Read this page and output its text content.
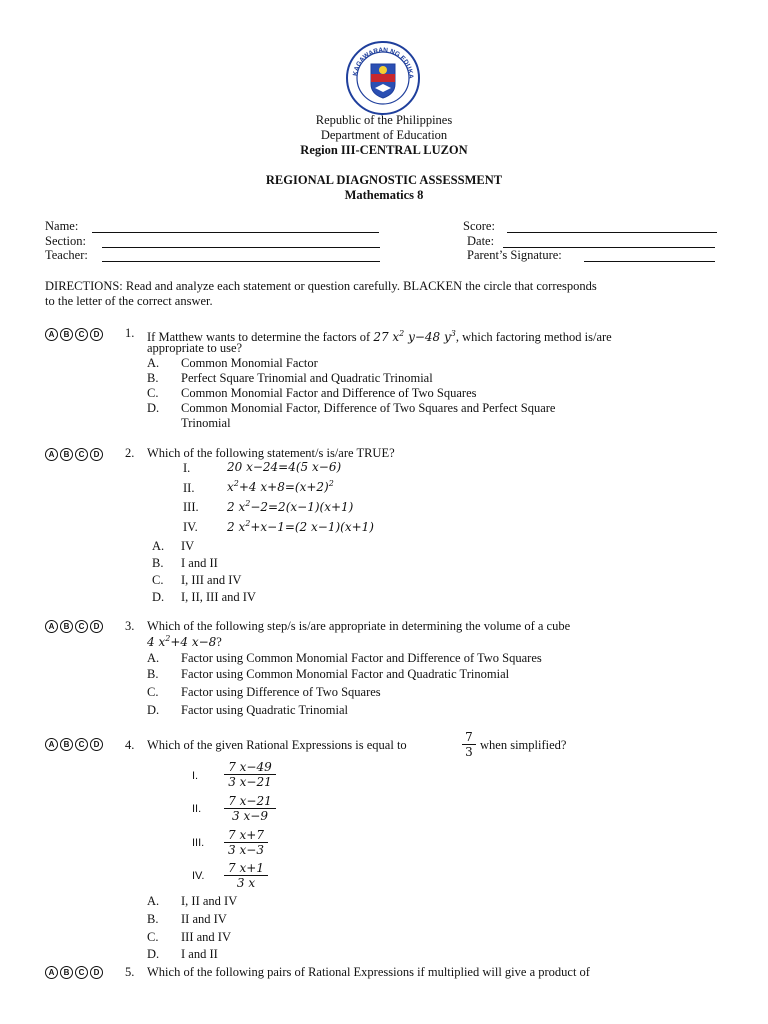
KAGAWARAN NG EDUKA
Republic of the Philippines
Department of Education
Region III-CENTRAL LUZON
REGIONAL DIAGNOSTIC ASSESSMENT
Mathematics 8
Name:
Section:
Teacher:
Score:
Date:
Parent’s Signature:
DIRECTIONS: Read and analyze each statement or question carefully. BLACKEN the circle that corresponds
to the letter of the correct answer.
A	B	C	D 1. If Matthew wants to determine the factors of 27 $x^2$ y−48 $y^3$, which factoring method is/are
appropriate to use?
A. Common Monomial Factor
B. Perfect Square Trinomial and Quadratic Trinomial
C. Common Monomial Factor and Difference of Two Squares
D. Common Monomial Factor, Difference of Two Squares and Perfect Square
Trinomial
A	B	C	D 2. Which of the following statement/s is/are TRUE?
I.	20 x−24=4(5 x−6)
II.	$x^2+4$ $x+8=(x+2)^2$
III. 2 $x^2-2=2(x-1)(x+1)$
IV. 2 $x^2+x-1=(2$ x−1)(x+1)
A. IV
B. I and II
C. I, III and IV
D. I, II, III and IV
A	B	C	D 3. Which of the following step/s is/are appropriate in determining the volume of a cube
4 $x^2+4$ x−8?
A. Factor using Common Monomial Factor and Difference of Two Squares
B. Factor using Common Monomial Factor and Quadratic Trinomial
C. Factor using Difference of Two Squares
D. Factor using Quadratic Trinomial
A	B	C	D 4. Which of the given Rational Expressions is equal to	$\frac{7}{3}$ when simplified?
I. $\frac{7 x-49}{3 x-21}$
II. $\frac{7 x-21}{3 x-9}$
III. $\frac{7 x+7}{3 x-3}$
IV. $\frac{7 x+1}{3 x}$
A. I, II and IV
B. II and IV
C. III and IV
D. I and II
A	B	C	D 5. Which of the following pairs of Rational Expressions if multiplied will give a product of
